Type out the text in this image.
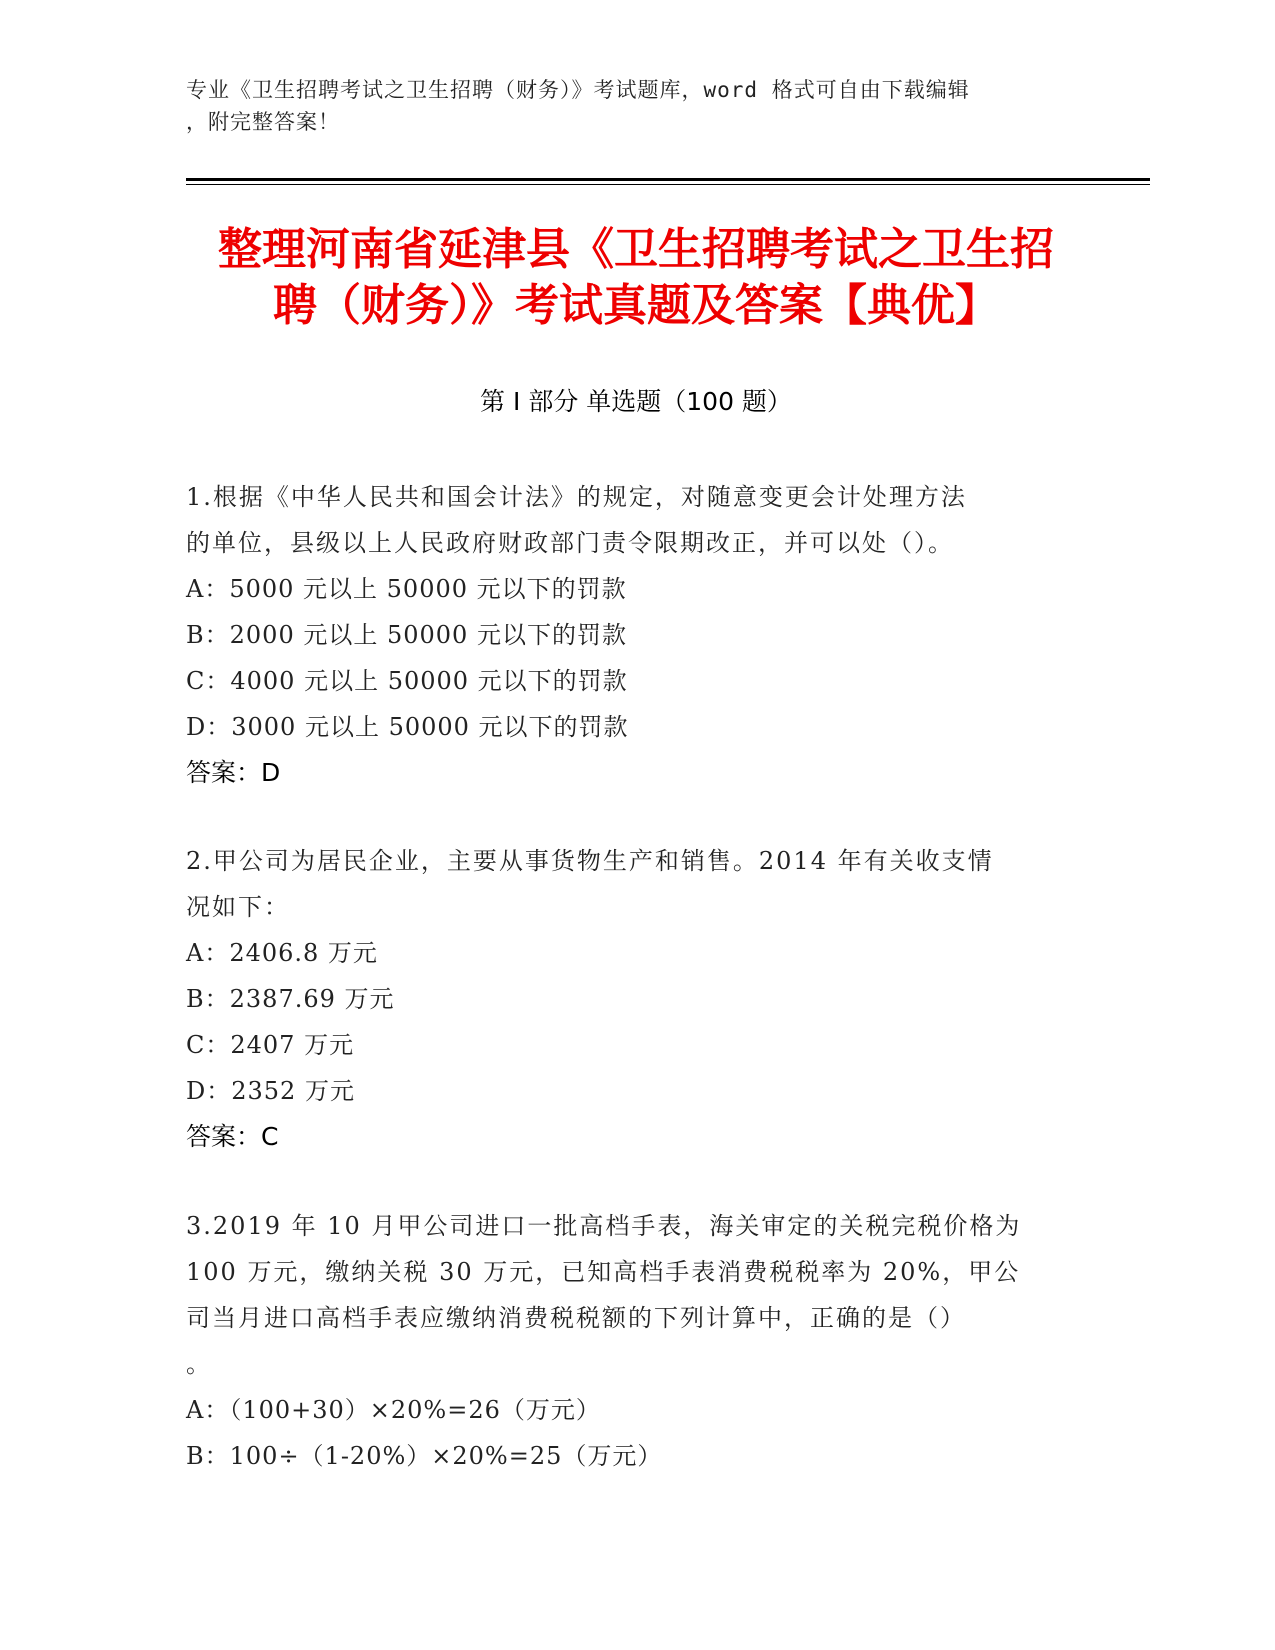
专业《卫生招聘考试之卫生招聘（财务）》考试题库，word 格式可自由下载编辑
，附完整答案！
整理河南省延津县《卫生招聘考试之卫生招
聘（财务）》考试真题及答案【典优】
第 I 部分 单选题（100 题）
1.根据《中华人民共和国会计法》的规定，对随意变更会计处理方法
的单位，县级以上人民政府财政部门责令限期改正，并可以处（）。
A：5000 元以上 50000 元以下的罚款
B：2000 元以上 50000 元以下的罚款
C：4000 元以上 50000 元以下的罚款
D：3000 元以上 50000 元以下的罚款
答案：D
2.甲公司为居民企业，主要从事货物生产和销售。2014 年有关收支情
况如下：
A：2406.8 万元
B：2387.69 万元
C：2407 万元
D：2352 万元
答案：C
3.2019 年 10 月甲公司进口一批高档手表，海关审定的关税完税价格为
100 万元，缴纳关税 30 万元，已知高档手表消费税税率为 20%，甲公
司当月进口高档手表应缴纳消费税税额的下列计算中，正确的是（）
。
A：（100+30）×20%=26（万元）
B：100÷（1-20%）×20%=25（万元）
